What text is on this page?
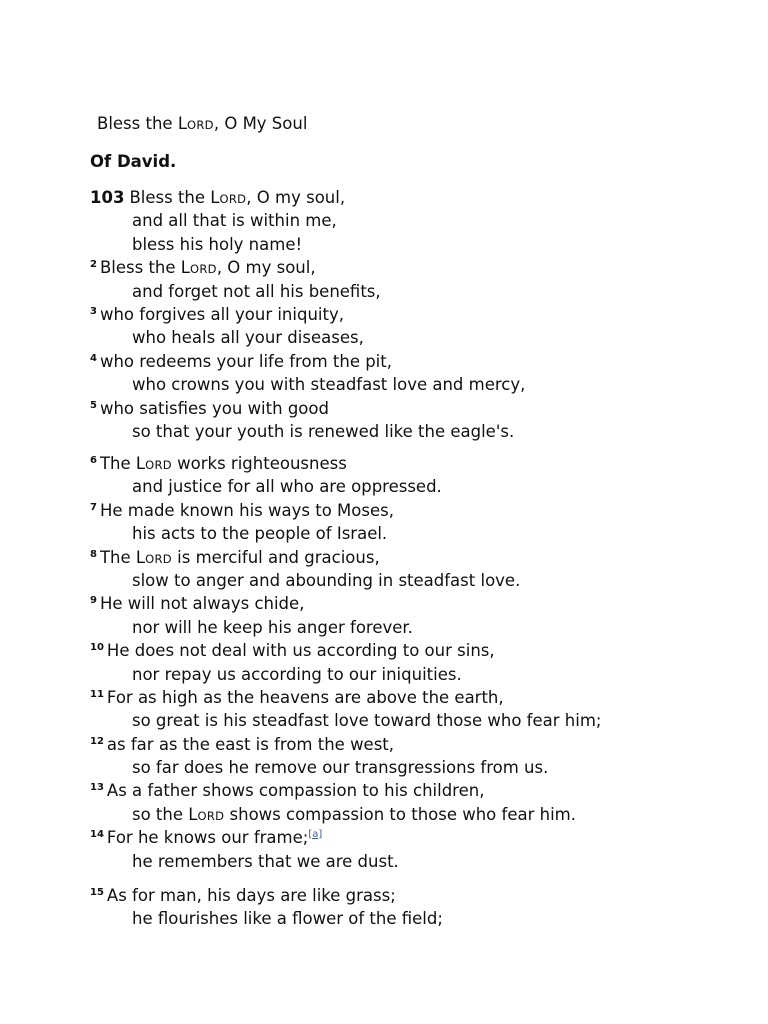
Bless the LORD, O My Soul
Of David.
103 Bless the LORD, O my soul,
and all that is within me,
bless his holy name!
$^2$ Bless the LORD, O my soul,
and forget not all his benefits,
$^3$ who forgives all your iniquity,
who heals all your diseases,
$^4$ who redeems your life from the pit,
who crowns you with steadfast love and mercy,
$^5$ who satisfies you with good
so that your youth is renewed like the eagle's.
$^6$ The LORD works righteousness
and justice for all who are oppressed.
$^7$ He made known his ways to Moses,
his acts to the people of Israel.
$^8$ The LORD is merciful and gracious,
slow to anger and abounding in steadfast love.
$^9$ He will not always chide,
nor will he keep his anger forever.
$^{10}$ He does not deal with us according to our sins,
nor repay us according to our iniquities.
$^{11}$ For as high as the heavens are above the earth,
so great is his steadfast love toward those who fear him;
$^{12}$ as far as the east is from the west,
so far does he remove our transgressions from us.
$^{13}$ As a father shows compassion to his children,
so the LORD shows compassion to those who fear him.
$^{14}$ For he knows our frame;[a]
he remembers that we are dust.
$^{15}$ As for man, his days are like grass;
he flourishes like a flower of the field;
